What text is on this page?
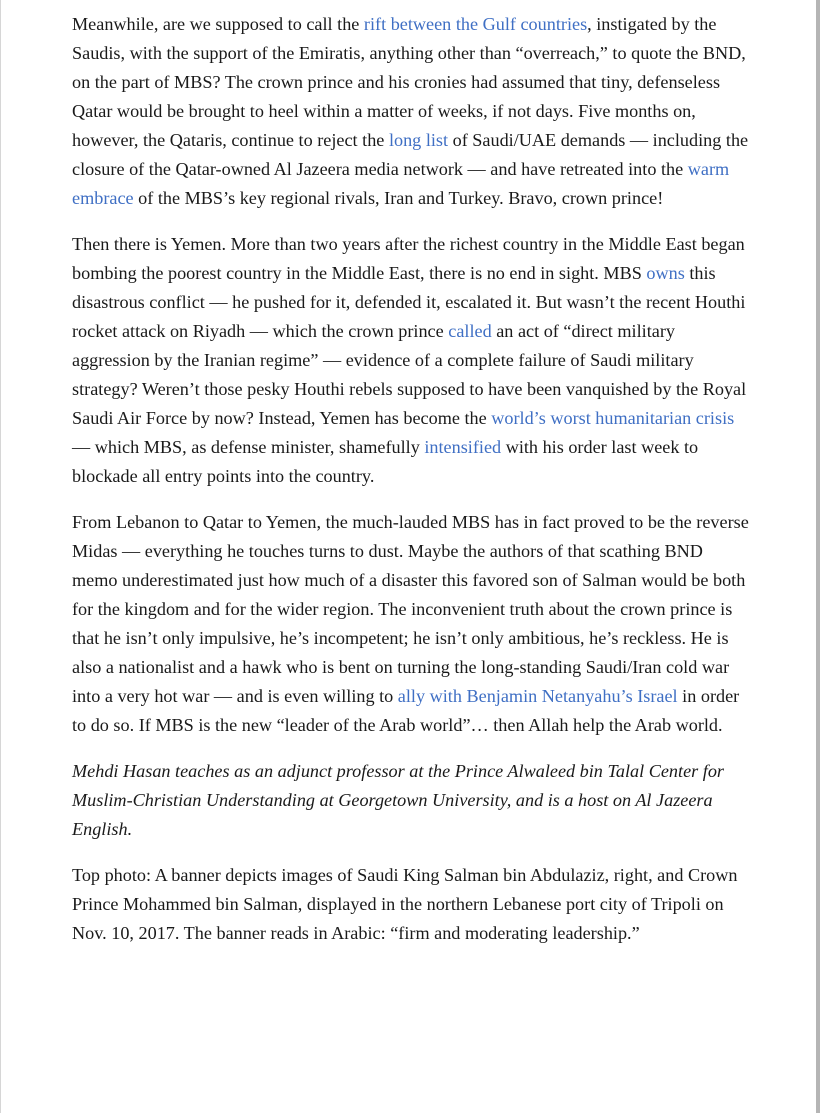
Meanwhile, are we supposed to call the rift between the Gulf countries, instigated by the Saudis, with the support of the Emiratis, anything other than “overreach,” to quote the BND, on the part of MBS? The crown prince and his cronies had assumed that tiny, defenseless Qatar would be brought to heel within a matter of weeks, if not days. Five months on, however, the Qataris, continue to reject the long list of Saudi/UAE demands — including the closure of the Qatar-owned Al Jazeera media network — and have retreated into the warm embrace of the MBS’s key regional rivals, Iran and Turkey. Bravo, crown prince!

Then there is Yemen. More than two years after the richest country in the Middle East began bombing the poorest country in the Middle East, there is no end in sight. MBS owns this disastrous conflict — he pushed for it, defended it, escalated it. But wasn’t the recent Houthi rocket attack on Riyadh — which the crown prince called an act of “direct military aggression by the Iranian regime” — evidence of a complete failure of Saudi military strategy? Weren’t those pesky Houthi rebels supposed to have been vanquished by the Royal Saudi Air Force by now? Instead, Yemen has become the world’s worst humanitarian crisis — which MBS, as defense minister, shamefully intensified with his order last week to blockade all entry points into the country.

From Lebanon to Qatar to Yemen, the much-lauded MBS has in fact proved to be the reverse Midas — everything he touches turns to dust. Maybe the authors of that scathing BND memo underestimated just how much of a disaster this favored son of Salman would be both for the kingdom and for the wider region. The inconvenient truth about the crown prince is that he isn’t only impulsive, he’s incompetent; he isn’t only ambitious, he’s reckless. He is also a nationalist and a hawk who is bent on turning the long-standing Saudi/Iran cold war into a very hot war — and is even willing to ally with Benjamin Netanyahu’s Israel in order to do so. If MBS is the new “leader of the Arab world”… then Allah help the Arab world.

Mehdi Hasan teaches as an adjunct professor at the Prince Alwaleed bin Talal Center for Muslim-Christian Understanding at Georgetown University, and is a host on Al Jazeera English.

Top photo: A banner depicts images of Saudi King Salman bin Abdulaziz, right, and Crown Prince Mohammed bin Salman, displayed in the northern Lebanese port city of Tripoli on Nov. 10, 2017. The banner reads in Arabic: “firm and moderating leadership.”
